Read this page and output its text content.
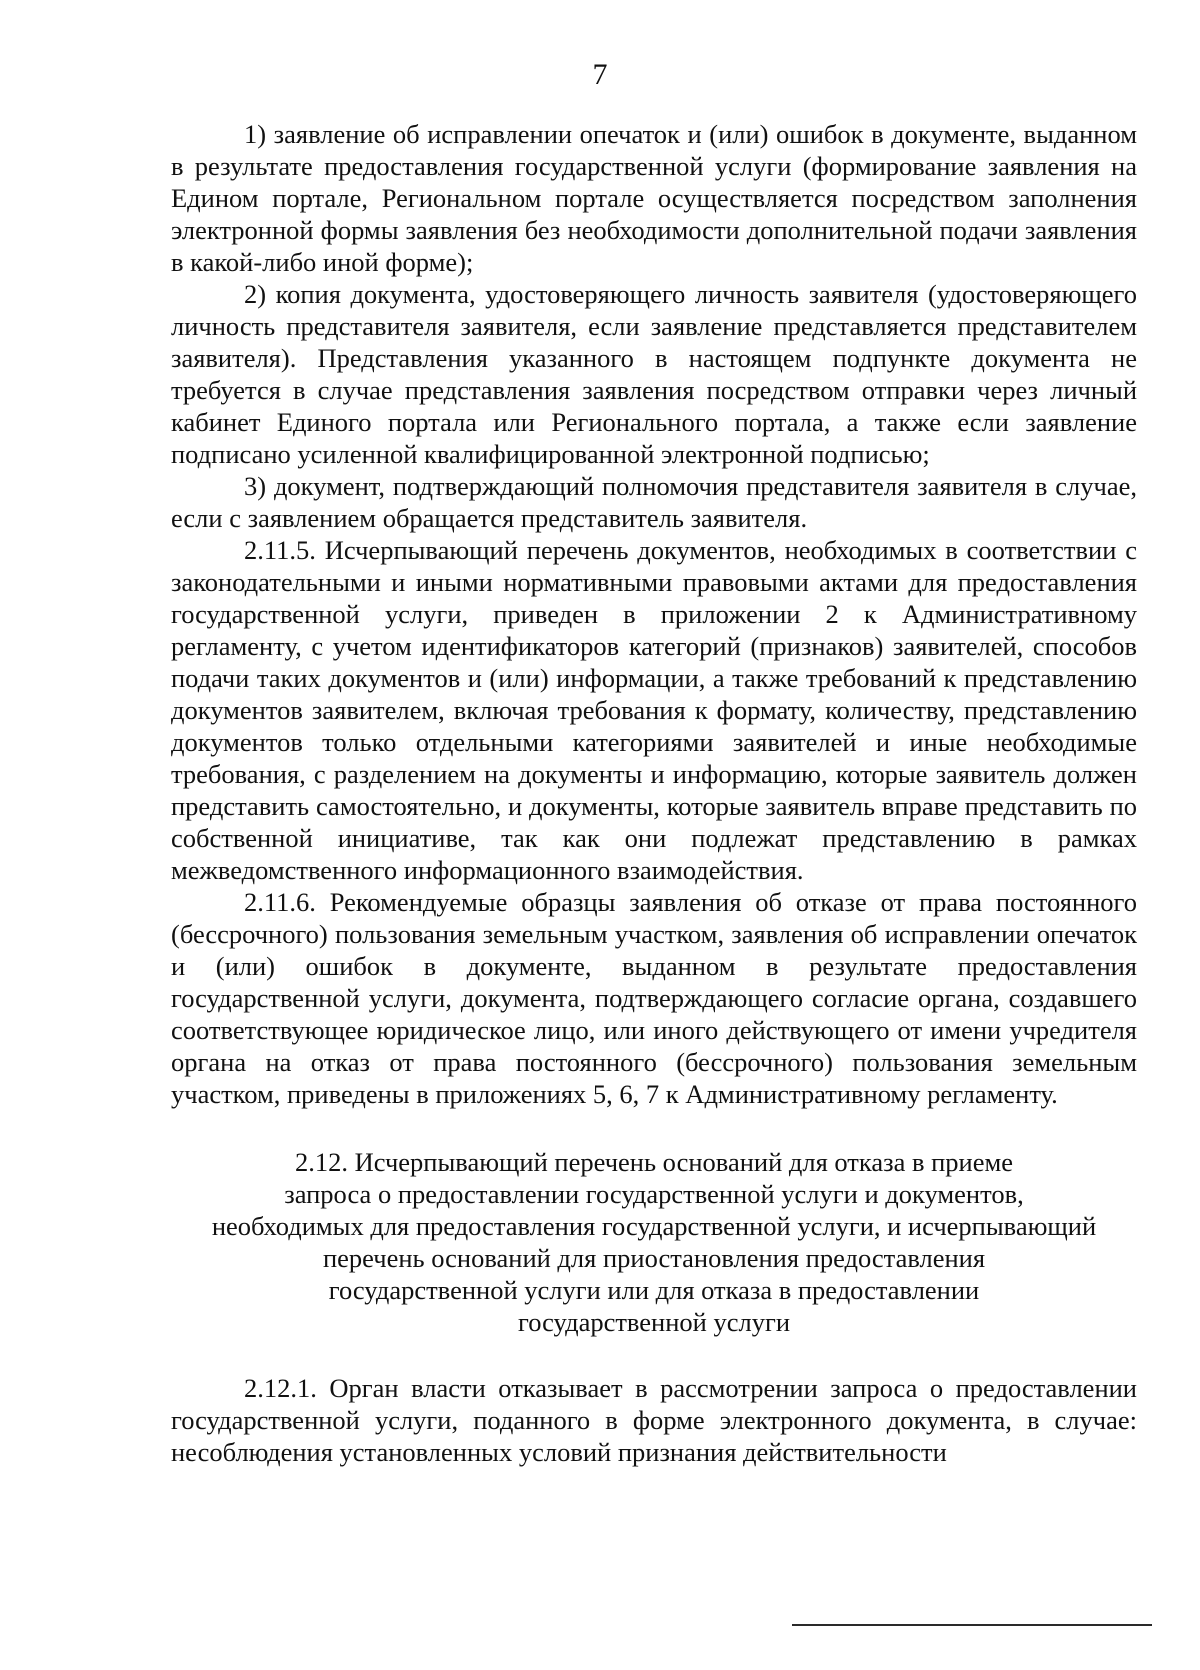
7

1) заявление об исправлении опечаток и (или) ошибок в документе, выданном в результате предоставления государственной услуги (формирование заявления на Едином портале, Региональном портале осуществляется посредством заполнения электронной формы заявления без необходимости дополнительной подачи заявления в какой-либо иной форме);

2) копия документа, удостоверяющего личность заявителя (удостоверяющего личность представителя заявителя, если заявление представляется представителем заявителя). Представления указанного в настоящем подпункте документа не требуется в случае представления заявления посредством отправки через личный кабинет Единого портала или Регионального портала, а также если заявление подписано усиленной квалифицированной электронной подписью;

3) документ, подтверждающий полномочия представителя заявителя в случае, если с заявлением обращается представитель заявителя.

2.11.5. Исчерпывающий перечень документов, необходимых в соответствии с законодательными и иными нормативными правовыми актами для предоставления государственной услуги, приведен в приложении 2 к Административному регламенту, с учетом идентификаторов категорий (признаков) заявителей, способов подачи таких документов и (или) информации, а также требований к представлению документов заявителем, включая требования к формату, количеству, представлению документов только отдельными категориями заявителей и иные необходимые требования, с разделением на документы и информацию, которые заявитель должен представить самостоятельно, и документы, которые заявитель вправе представить по собственной инициативе, так как они подлежат представлению в рамках межведомственного информационного взаимодействия.

2.11.6. Рекомендуемые образцы заявления об отказе от права постоянного (бессрочного) пользования земельным участком, заявления об исправлении опечаток и (или) ошибок в документе, выданном в результате предоставления государственной услуги, документа, подтверждающего согласие органа, создавшего соответствующее юридическое лицо, или иного действующего от имени учредителя органа на отказ от права постоянного (бессрочного) пользования земельным участком, приведены в приложениях 5, 6, 7 к Административному регламенту.

2.12. Исчерпывающий перечень оснований для отказа в приеме
запроса о предоставлении государственной услуги и документов,
необходимых для предоставления государственной услуги, и исчерпывающий
перечень оснований для приостановления предоставления
государственной услуги или для отказа в предоставлении
государственной услуги

2.12.1. Орган власти отказывает в рассмотрении запроса о предоставлении государственной услуги, поданного в форме электронного документа, в случае: несоблюдения установленных условий признания действительности
